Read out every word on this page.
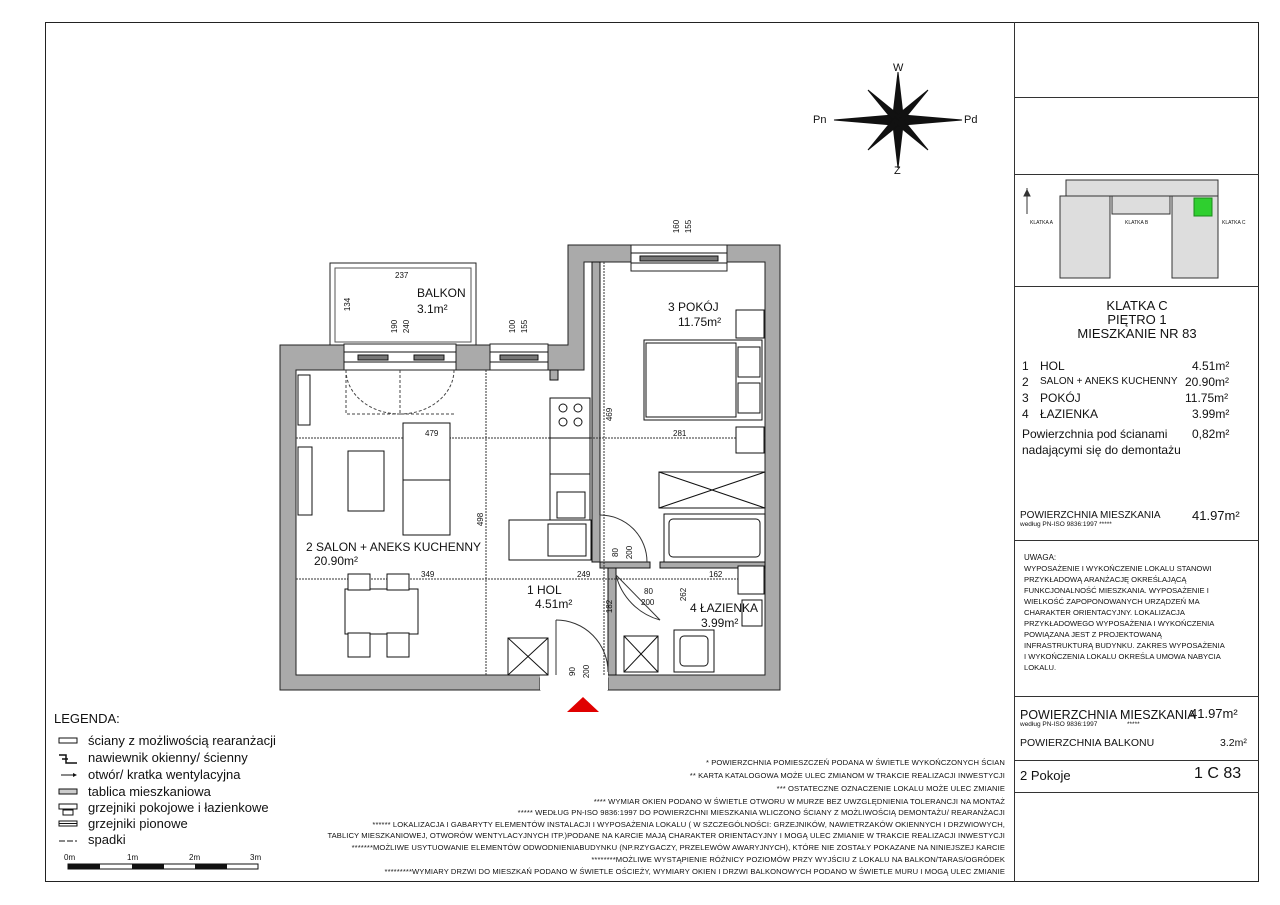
W
Z
Pn	Pd
BALKON
3.1m²	3 POKÓJ
11.75m²
2 SALON + ANEKS KUCHENNY
20.90m²
1 HOL
4.51m²	4 ŁAZIENKA
3.99m²
237
134
190 240	100 155
160 155
479
498
281
469
349	249	162
262
182
80 200
80
200
90 200
KLATKA A	KLATKA B	KLATKA C
KLATKA C
PIĘTRO 1
MIESZKANIE NR 83
1 HOL	4.51m²
2 SALON + ANEKS KUCHENNY 20.90m²
3 POKÓJ	11.75m²
4 ŁAZIENKA	3.99m²
Powierzchnia pod ścianami
nadającymi się do demontażu
0,82m²
POWIERZCHNIA MIESZKANIA
według PN-ISO 9836:1997 *****
41.97m²
UWAGA:
WYPOSAŻENIE I WYKOŃCZENIE LOKALU STANOWI
PRZYKŁADOWĄ ARANŻACJĘ OKREŚLAJĄCĄ
FUNKCJONALNOŚĆ MIESZKANIA. WYPOSAŻENIE I
WIELKOŚĆ ZAPOPONOWANYCH URZĄDZEŃ MA
CHARAKTER ORIENTACYJNY. LOKALIZACJA
PRZYKŁADOWEGO WYPOSAŻENIA I WYKOŃCZENIA
POWIĄZANA JEST Z PROJEKTOWANĄ
INFRASTRUKTURĄ BUDYNKU. ZAKRES WYPOSAŻENIA
I WYKOŃCZENIA LOKALU OKREŚLA UMOWA NABYCIA
LOKALU.
POWIERZCHNIA MIESZKANIA
41.97m²
według PN-ISO 9836:1997	*****
POWIERZCHNIA BALKONU	3.2m²
2 Pokoje	1 C 83
LEGENDA:
ściany z możliwością rearanżacji
nawiewnik okienny/ ścienny
otwór/ kratka wentylacyjna
tablica mieszkaniowa
grzejniki pokojowe i łazienkowe
grzejniki pionowe
spadki
0m	1m	2m	3m
* POWIERZCHNIA POMIESZCZEŃ PODANA W ŚWIETLE WYKOŃCZONYCH ŚCIAN
** KARTA KATALOGOWA MOŻE ULEC ZMIANOM W TRAKCIE REALIZACJI INWESTYCJI
*** OSTATECZNE OZNACZENIE LOKALU MOŻE ULEC ZMIANIE
**** WYMIAR OKIEN PODANO W ŚWIETLE OTWORU W MURZE BEZ UWZGLĘDNIENIA TOLERANCJI NA MONTAŻ
***** WEDŁUG PN-ISO 9836:1997 DO POWIERZCHNI MIESZKANIA WLICZONO ŚCIANY Z MOŻLIWOŚCIĄ DEMONTAŻU/ REARANŻACJI
****** LOKALIZACJA I GABARYTY ELEMENTÓW INSTALACJI I WYPOSAŻENIA LOKALU ( W SZCZEGÓLNOŚCI: GRZEJNIKÓW, NAWIETRZAKÓW OKIENNYCH I DRZWIOWYCH,
TABLICY MIESZKANIOWEJ, OTWORÓW WENTYLACYJNYCH ITP.)PODANE NA KARCIE MAJĄ CHARAKTER ORIENTACYJNY I MOGĄ ULEC ZMIANIE W TRAKCIE REALIZACJI INWESTYCJI
*******MOŻLIWE USYTUOWANIE ELEMENTÓW ODWODNIENIABUDYNKU (NP.RZYGACZY, PRZELEWÓW AWARYJNYCH), KTÓRE NIE ZOSTAŁY POKAZANE NA NINIEJSZEJ KARCIE
********MOŻLIWE WYSTĄPIENIE RÓŻNICY POZIOMÓW PRZY WYJŚCIU Z LOKALU NA BALKON/TARAS/OGRÓDEK
*********WYMIARY DRZWI DO MIESZKAŃ PODANO W ŚWIETLE OŚCIEŻY, WYMIARY OKIEN I DRZWI BALKONOWYCH PODANO W ŚWIETLE MURU I MOGĄ ULEC ZMIANIE
